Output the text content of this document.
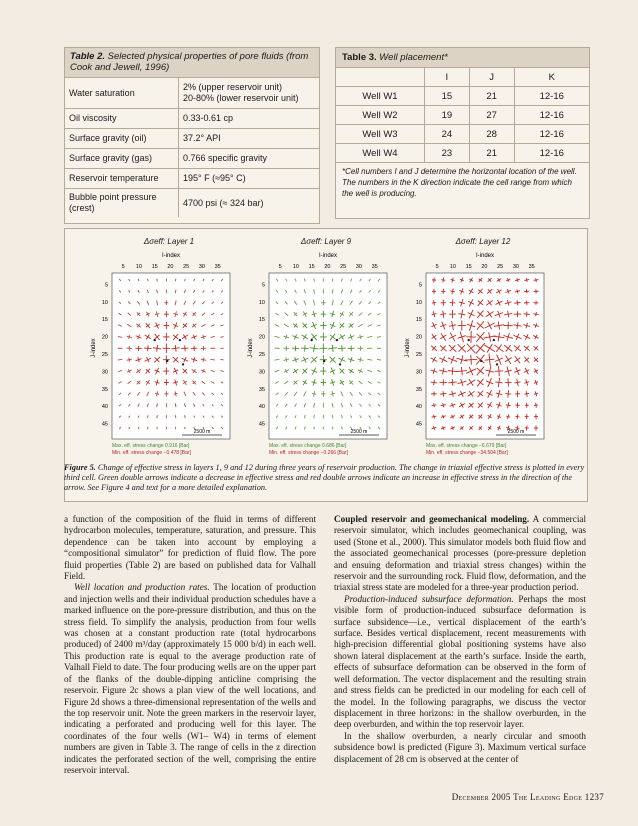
Table 2. Selected physical properties of pore fluids (from Cook and Jewell, 1996)
Water saturation	2% (upper reservoir unit)
20-80% (lower reservoir unit)

Oil viscosity	0.33-0.61 cp
Surface gravity (oil)	37.2° API
Surface gravity (gas)	0.766 specific gravity
Reservoir temperature	195° F (≈95° C)
Bubble point pressure (crest)	4700 psi (≈ 324 bar)
Table 3. Well placement*
	I	J	K
Well W1	15	21	12-16
Well W2	19	27	12-16
Well W3	24	28	12-16
Well W4	23	21	12-16
*Cell numbers I and J determine the horizontal location of the well. The numbers in the K direction indicate the cell range from which the well is producing.
Δσeff: Layer 1	Δσeff: Layer 9	Δσeff: Layer 12
I-index
5 10 15 20 25 30 35
5
10
15
20
25
30
35
40
45
J-index
2500 m
Max. eff. stress change 0.916 [Bar]
Min. eff. stress change −0.478 [Bar]
I-index
5 10 15 20 25 30 35
5
10
15
20
25
30
35
40
45
J-index
2500 m
Max. eff. stress change 0.686 [Bar]
Min. eff. stress change −0.266 [Bar]
I-index
5 10 15 20 25 30 35
5
10
15
20
25
30
35
40
45
J-index
2500 m
Max. eff. stress change −6.679 [Bar]
Min. eff. stress change −34.504 [Bar]
Figure 5. Change of effective stress in layers 1, 9 and 12 during three years of reservoir production. The change in triaxial effective stress is plotted in every third cell. Green double arrows indicate a decrease in effective stress and red double arrows indicate an increase in effective stress in the direction of the arrow. See Figure 4 and text for a more detailed explanation.

a function of the composition of the fluid in terms of different hydrocarbon molecules, temperature, saturation, and pressure. This dependence can be taken into account by employing a “compositional simulator” for prediction of fluid flow. The pore fluid properties (Table 2) are based on published data for Valhall Field.

Well location and production rates. The location of production and injection wells and their individual production schedules have a marked influence on the pore-pressure distribution, and thus on the stress field. To simplify the analysis, production from four wells was chosen at a constant production rate (total hydrocarbons produced) of 2400 m³/day (approximately 15 000 b/d) in each well. This production rate is equal to the average production rate of Valhall Field to date. The four producing wells are on the upper part of the flanks of the double-dipping anticline comprising the reservoir. Figure 2c shows a plan view of the well locations, and Figure 2d shows a three-dimensional representation of the wells and the top reservoir unit. Note the green markers in the reservoir layer, indicating a perforated and producing well for this layer. The coordinates of the four wells (W1– W4) in terms of element numbers are given in Table 3. The range of cells in the z direction indicates the perforated section of the well, comprising the entire reservoir interval.

Coupled reservoir and geomechanical modeling. A commercial reservoir simulator, which includes geomechanical coupling, was used (Stone et al., 2000). This simulator models both fluid flow and the associated geomechanical processes (pore-pressure depletion and ensuing deformation and triaxial stress changes) within the reservoir and the surrounding rock. Fluid flow, deformation, and the triaxial stress state are modeled for a three-year production period.

Production-induced subsurface deformation. Perhaps the most visible form of production-induced subsurface deformation is surface subsidence—i.e., vertical displacement of the earth’s surface. Besides vertical displacement, recent measurements with high-precision differential global positioning systems have also shown lateral displacement at the earth’s surface. Inside the earth, effects of subsurface deformation can be observed in the form of well deformation. The vector displacement and the resulting strain and stress fields can be predicted in our modeling for each cell of the model. In the following paragraphs, we discuss the vector displacement in three horizons: in the shallow overburden, in the deep overburden, and within the top reservoir layer.

In the shallow overburden, a nearly circular and smooth subsidence bowl is predicted (Figure 3). Maximum vertical surface displacement of 28 cm is observed at the center of

December 2005 The Leading Edge 1237
